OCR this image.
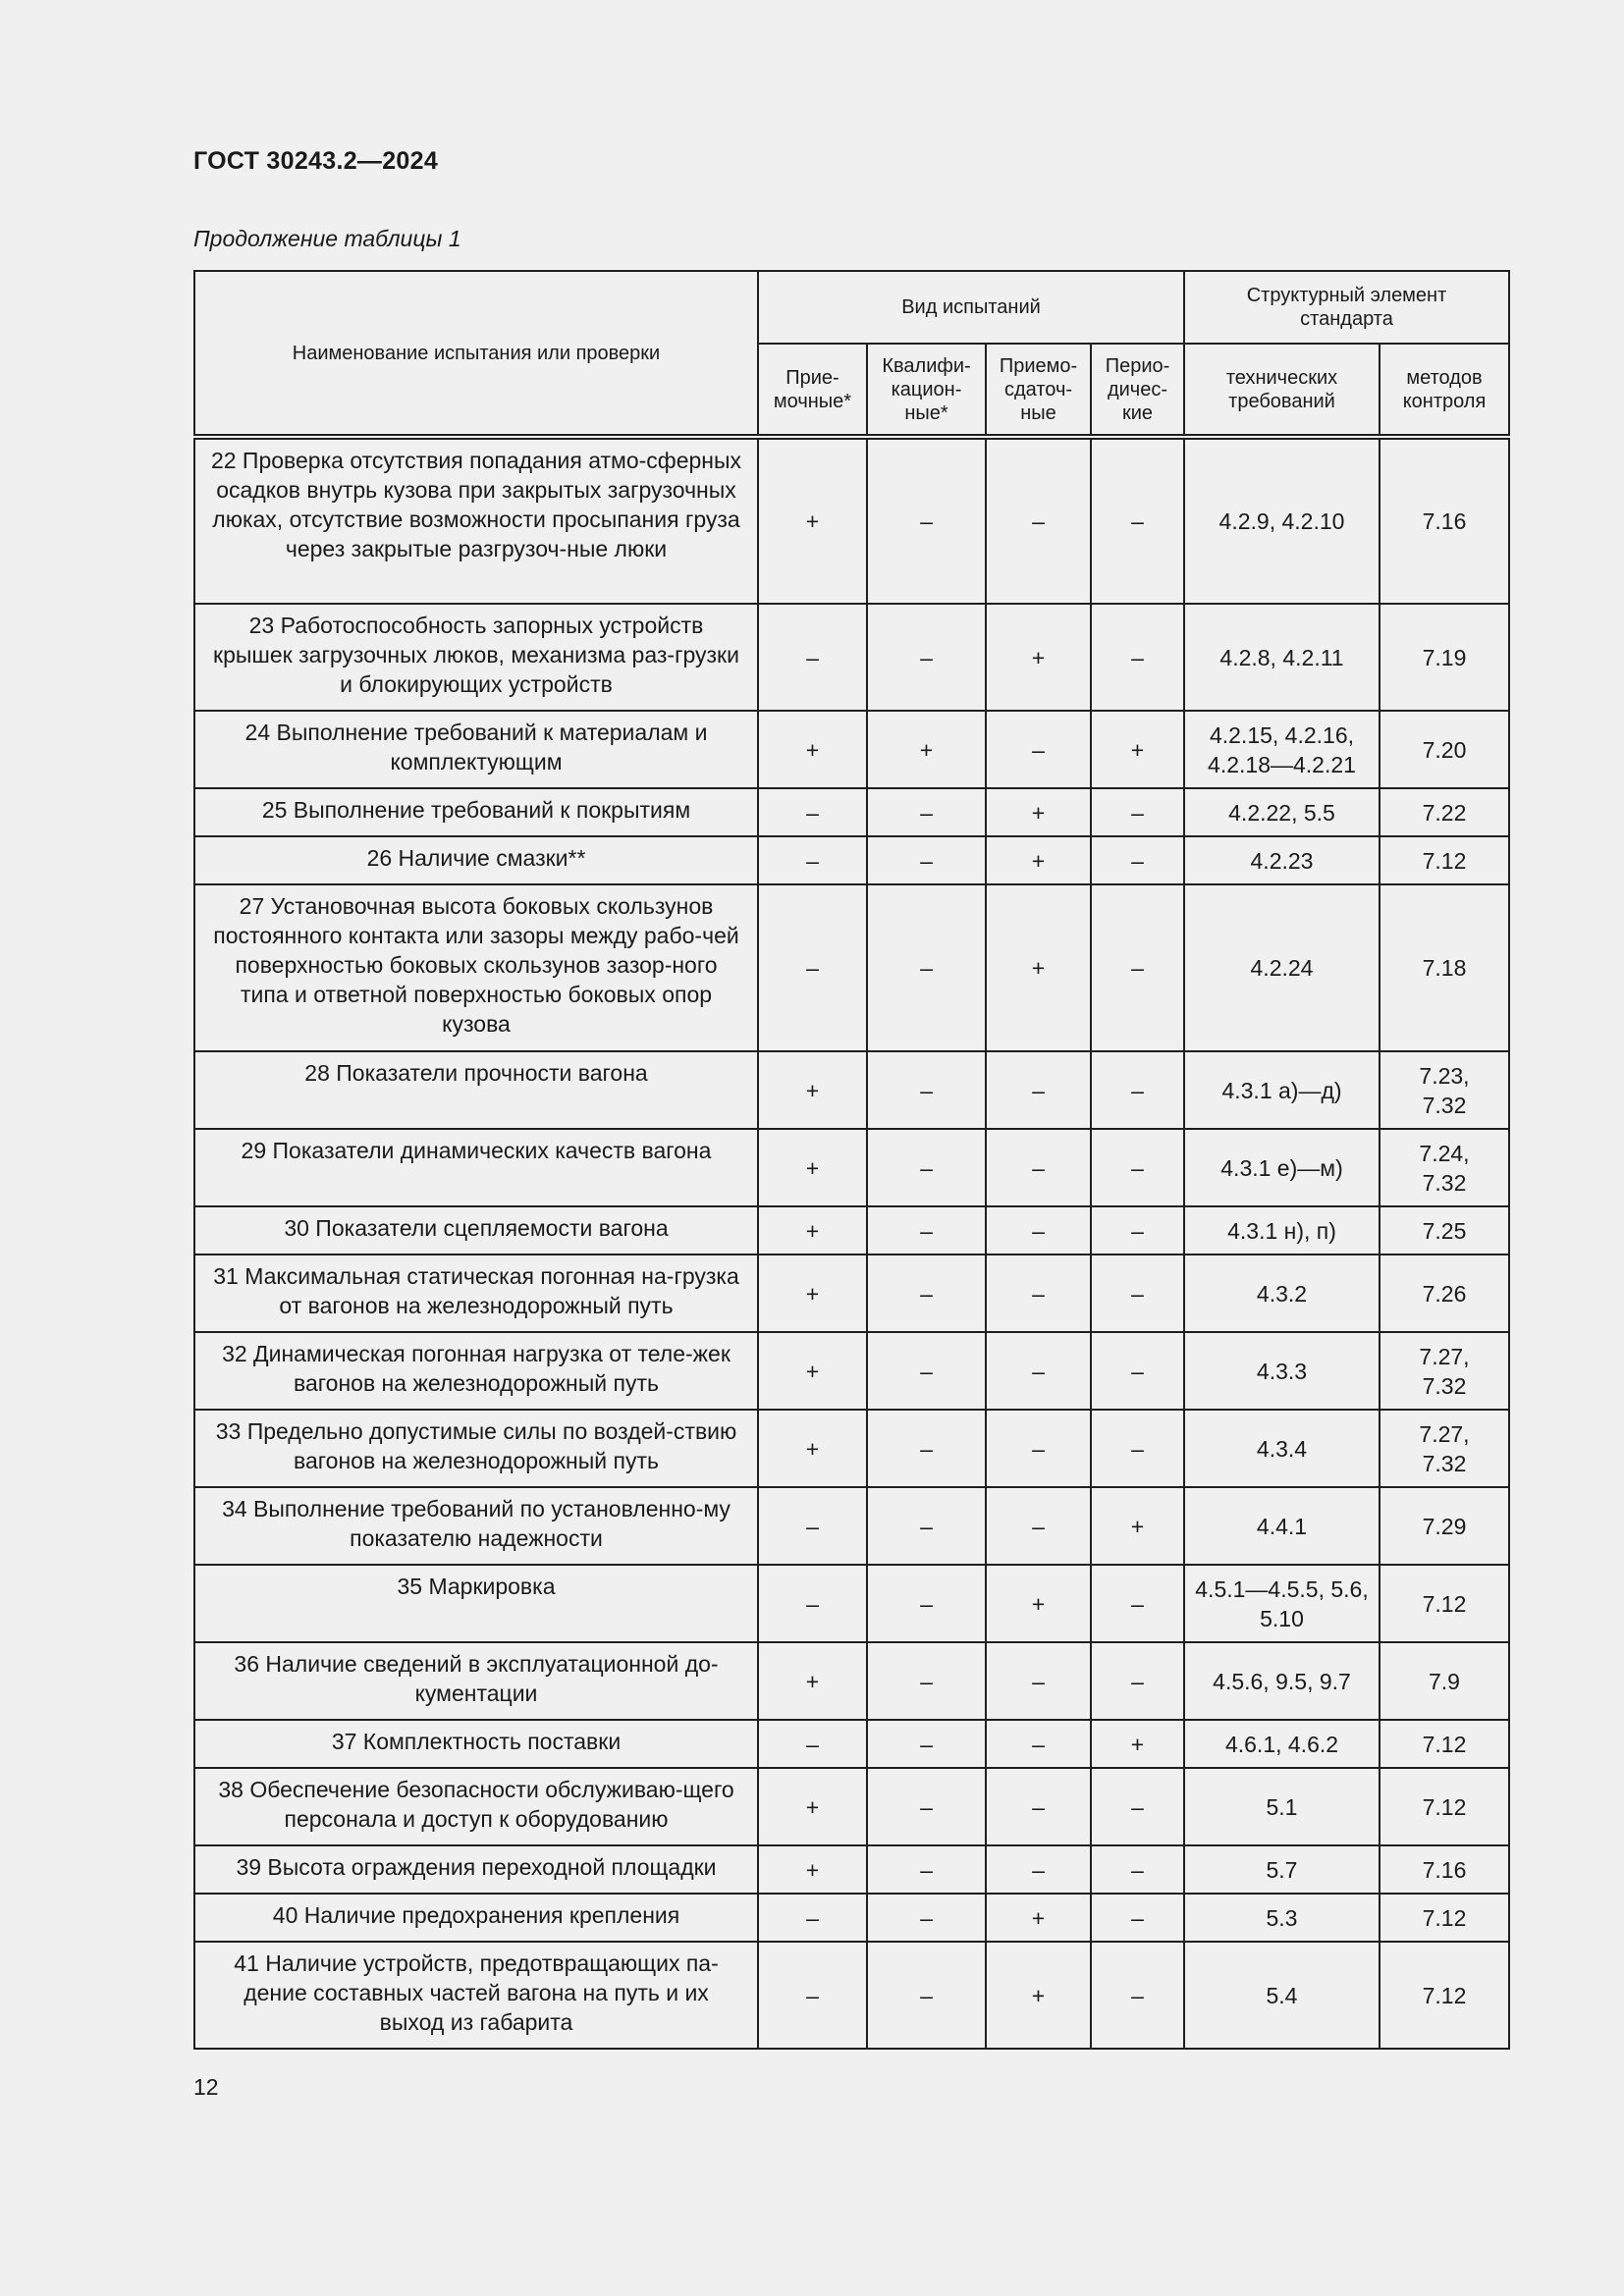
ГОСТ 30243.2—2024
Продолжение таблицы 1
Наименование испытания или проверки	Вид испытаний				Структурный элемент стандарта	

	Прие-мочные*	Квалифи-кацион-ные*	Приемо-сдаточ-ные	Перио-дичес-кие	технических требований	методов контроля

22 Проверка отсутствия попадания атмо-сферных осадков внутрь кузова при закрытых загрузочных люках, отсутствие возможности просыпания груза через закрытые разгрузоч-ные люки	+	–	–	–	4.2.9, 4.2.10	7.16
23 Работоспособность запорных устройств крышек загрузочных люков, механизма раз-грузки и блокирующих устройств	–	–	+	–	4.2.8, 4.2.11	7.19
24 Выполнение требований к материалам и комплектующим	+	+	–	+	4.2.15, 4.2.16, 4.2.18—4.2.21	7.20
25 Выполнение требований к покрытиям	–	–	+	–	4.2.22, 5.5	7.22
26 Наличие смазки**	–	–	+	–	4.2.23	7.12
27 Установочная высота боковых скользунов постоянного контакта или зазоры между рабо-чей поверхностью боковых скользунов зазор-ного типа и ответной поверхностью боковых опор кузова	–	–	+	–	4.2.24	7.18
28 Показатели прочности вагона	+	–	–	–	4.3.1 а)—д)	7.23, 7.32
29 Показатели динамических качеств вагона	+	–	–	–	4.3.1 е)—м)	7.24, 7.32
30 Показатели сцепляемости вагона	+	–	–	–	4.3.1 н), п)	7.25
31 Максимальная статическая погонная на-грузка от вагонов на железнодорожный путь	+	–	–	–	4.3.2	7.26
32 Динамическая погонная нагрузка от теле-жек вагонов на железнодорожный путь	+	–	–	–	4.3.3	7.27, 7.32
33 Предельно допустимые силы по воздей-ствию вагонов на железнодорожный путь	+	–	–	–	4.3.4	7.27, 7.32
34 Выполнение требований по установленно-му показателю надежности	–	–	–	+	4.4.1	7.29
35 Маркировка	–	–	+	–	4.5.1—4.5.5, 5.6, 5.10	7.12
36 Наличие сведений в эксплуатационной до-кументации	+	–	–	–	4.5.6, 9.5, 9.7	7.9
37 Комплектность поставки	–	–	–	+	4.6.1, 4.6.2	7.12
38 Обеспечение безопасности обслуживаю-щего персонала и доступ к оборудованию	+	–	–	–	5.1	7.12
39 Высота ограждения переходной площадки	+	–	–	–	5.7	7.16
40 Наличие предохранения крепления	–	–	+	–	5.3	7.12
41 Наличие устройств, предотвращающих па-дение составных частей вагона на путь и их выход из габарита	–	–	+	–	5.4	7.12
12
